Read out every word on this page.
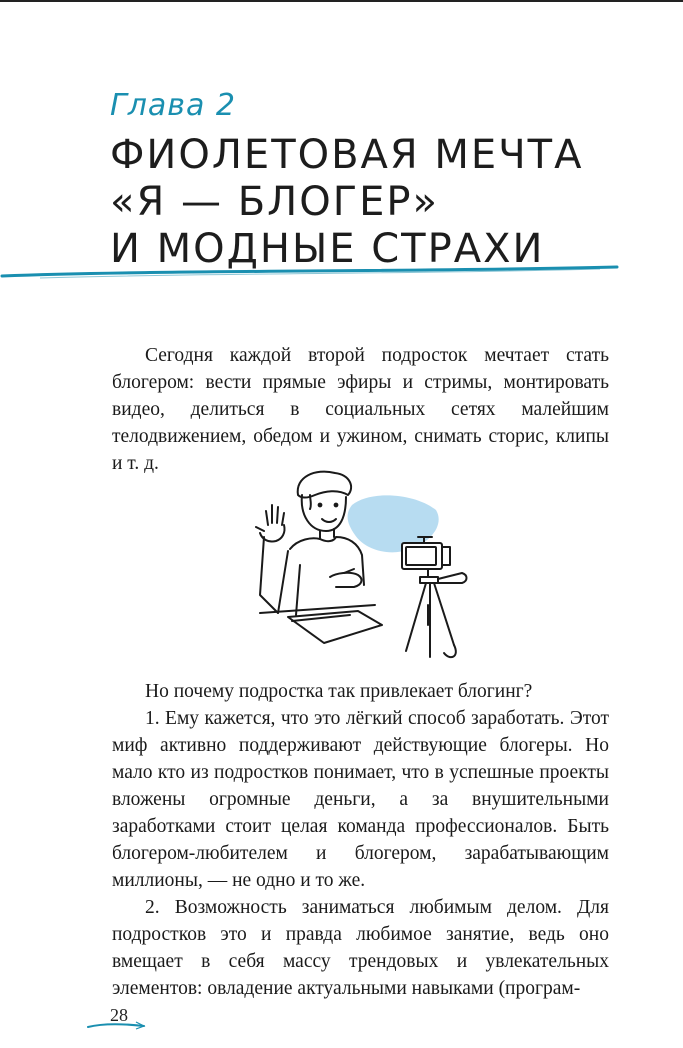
Глава 2
ФИОЛЕТОВАЯ МЕЧТА
«Я — БЛОГЕР»
И МОДНЫЕ СТРАХИ

Сегодня каждой второй подросток мечтает стать блогером: вести прямые эфиры и стримы, монтировать видео, делиться в социальных сетях малейшим телодвижением, обедом и ужином, снимать сторис, клипы и т. д.

Но почему подростка так привлекает блогинг?
1. Ему кажется, что это лёгкий способ заработать. Этот миф активно поддерживают действующие блогеры. Но мало кто из подростков понимает, что в успешные проекты вложены огромные деньги, а за внушительными заработками стоит целая команда профессионалов. Быть блогером-любителем и блогером, зарабатывающим миллионы, — не одно и то же.
2. Возможность заниматься любимым делом. Для подростков это и правда любимое занятие, ведь оно вмещает в себя массу трендовых и увлекательных элементов: овладение актуальными навыками (програм-
28
